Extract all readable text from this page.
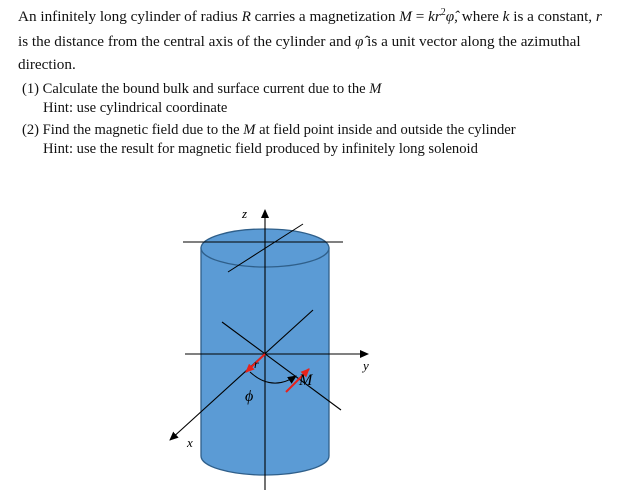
An infinitely long cylinder of radius R carries a magnetization $M = kr^2\varphî$, where k is a constant, r
is the distance from the central axis of the cylinder and φ̂ is a unit vector along the azimuthal
direction.
(1) Calculate the bound bulk and surface current due to the M
Hint: use cylindrical coordinate
(2) Find the magnetic field due to the M at field point inside and outside the cylinder
Hint: use the result for magnetic field produced by infinitely long solenoid
z
y
x
r
M
ϕ
